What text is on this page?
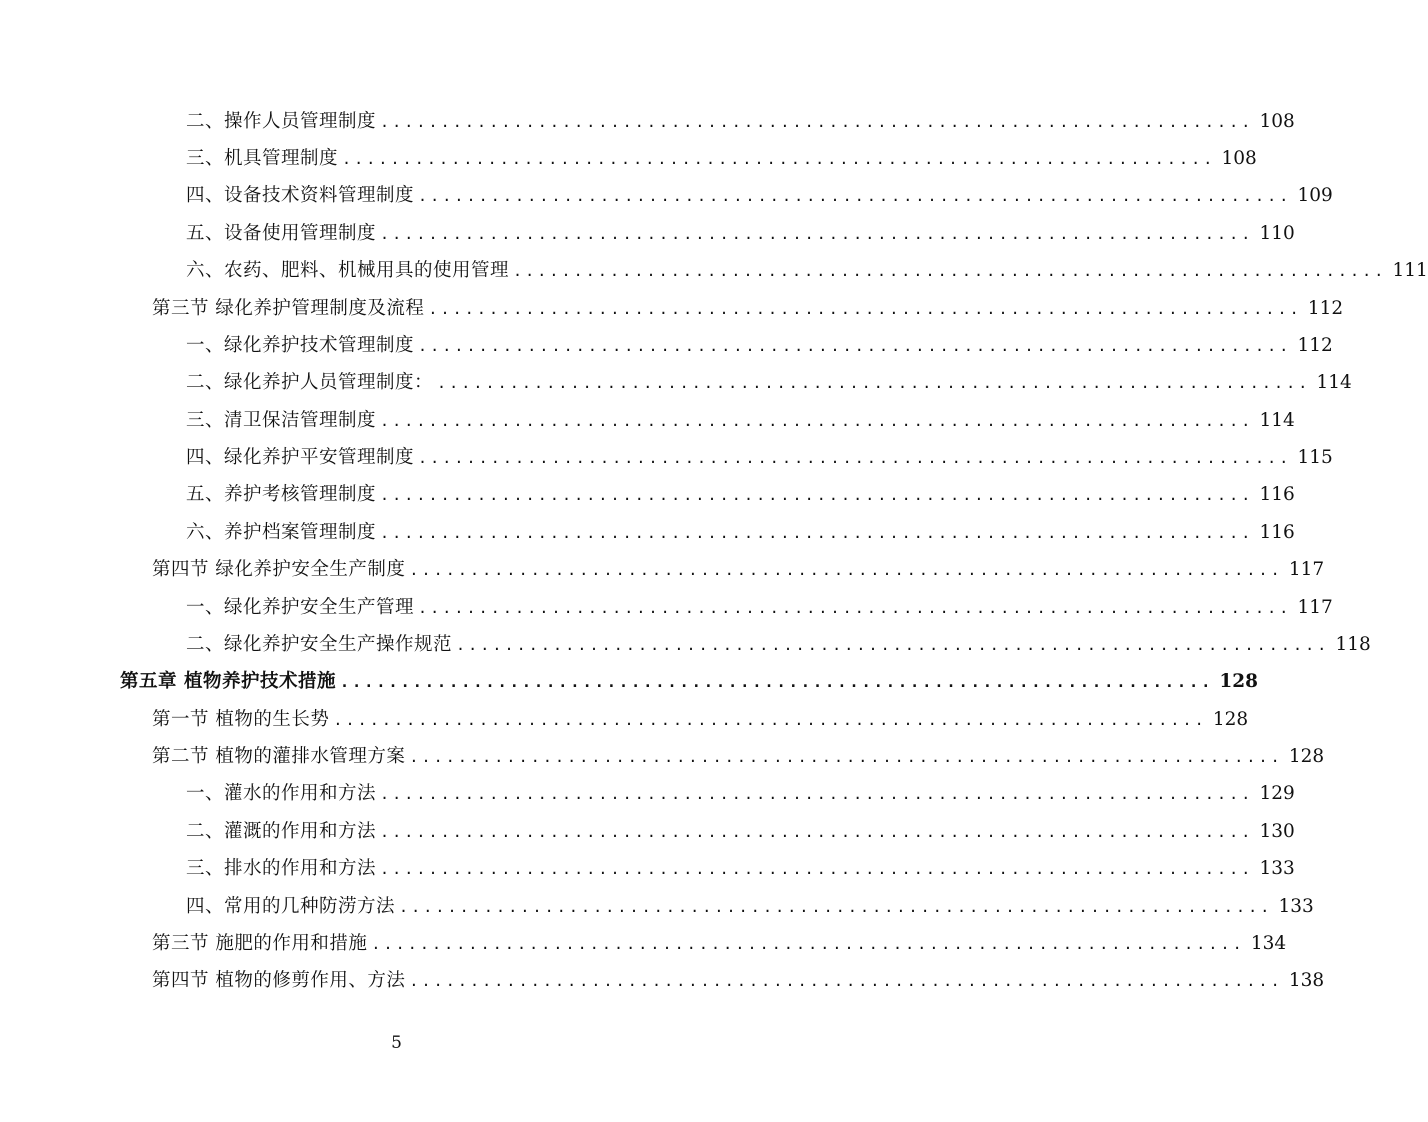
二、操作人员管理制度 ........................................................................ 108
三、机具管理制度 ........................................................................ 108
四、设备技术资料管理制度 ........................................................................ 109
五、设备使用管理制度 ........................................................................ 110
六、农药、肥料、机械用具的使用管理 ........................................................................ 111
第三节 绿化养护管理制度及流程 ........................................................................ 112
一、绿化养护技术管理制度 ........................................................................ 112
二、绿化养护人员管理制度： ........................................................................ 114
三、清卫保洁管理制度 ........................................................................ 114
四、绿化养护平安管理制度 ........................................................................ 115
五、养护考核管理制度 ........................................................................ 116
六、养护档案管理制度 ........................................................................ 116
第四节 绿化养护安全生产制度 ........................................................................ 117
一、绿化养护安全生产管理 ........................................................................ 117
二、绿化养护安全生产操作规范 ........................................................................ 118
第五章 植物养护技术措施 ........................................................................ 128
第一节 植物的生长势 ........................................................................ 128
第二节 植物的灌排水管理方案 ........................................................................ 128
一、灌水的作用和方法 ........................................................................ 129
二、灌溉的作用和方法 ........................................................................ 130
三、排水的作用和方法 ........................................................................ 133
四、常用的几种防涝方法 ........................................................................ 133
第三节 施肥的作用和措施 ........................................................................ 134
第四节 植物的修剪作用、方法 ........................................................................ 138
5
